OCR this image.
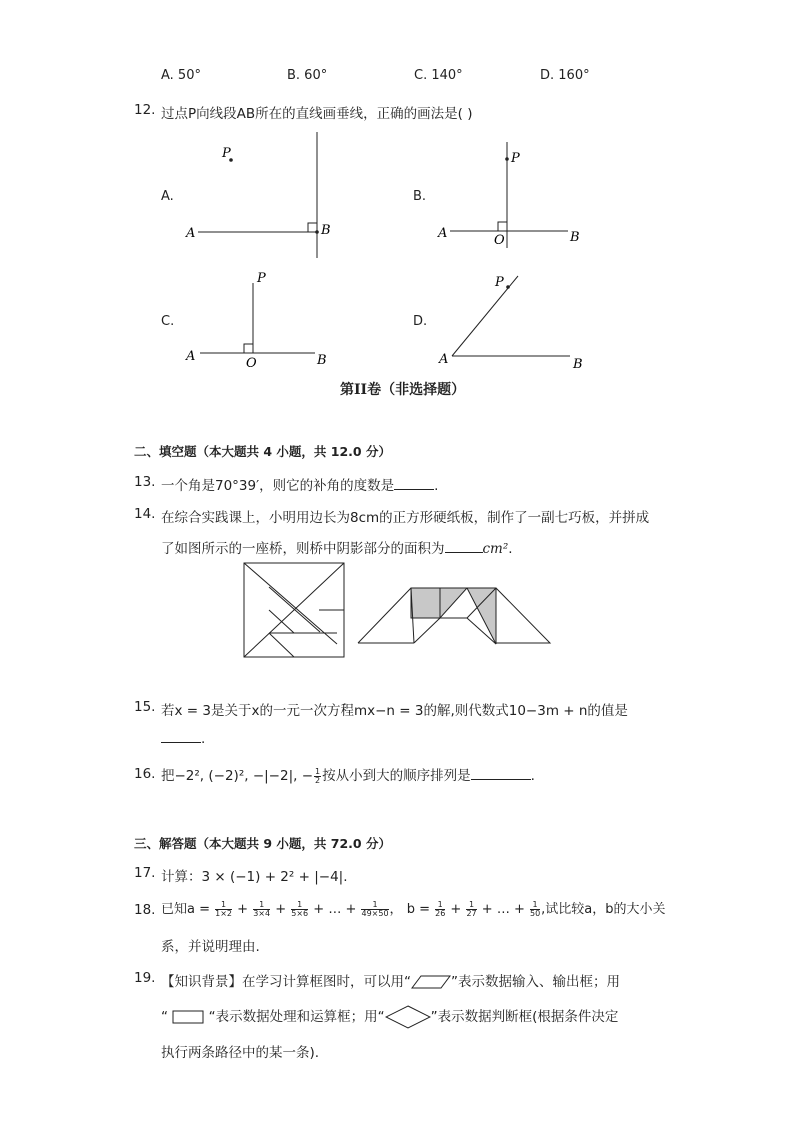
A. 50°	B. 60°	C. 140°	D. 160°
12. 过点P向线段AB所在的直线画垂线，正确的画法是( )
A.	B.
C.	D.
P
A	B
P
A	O	B
P
A	O	B
P
A	B
第II卷（非选择题）
二、填空题（本大题共 4 小题，共 12.0 分）
13. 一个角是70°39′，则它的补角的度数是	.
14. 在综合实践课上，小明用边长为8cm的正方形硬纸板，制作了一副七巧板，并拼成
了如图所示的一座桥，则桥中阴影部分的面积为	cm².
15. 若x = 3是关于x的一元一次方程mx−n = 3的解,则代数式10−3m + n的值是
.
16. 把−2², (−2)², −|−2|, − $\frac{1}{2}$ 按从小到大的顺序排列是	.
三、解答题（本大题共 9 小题，共 72.0 分）
17. 计算：3 × (−1) + 2² + |−4|.
18. 已知$a = \frac{1}{1\times 2} + \frac{1}{3\times 4} + \frac{1}{5\times 6}$ + … + $\frac{1}{49\times 50}$ ， $b = \frac{1}{26} + \frac{1}{27}$ + … + $\frac{1}{50}$ ,试比较a，b的大小关
系，并说明理由.
19. 【知识背景】在学习计算框图时，可以用“	”表示数据输入、输出框；用
“	“表示数据处理和运算框；用“	”表示数据判断框(根据条件决定
执行两条路径中的某一条).
